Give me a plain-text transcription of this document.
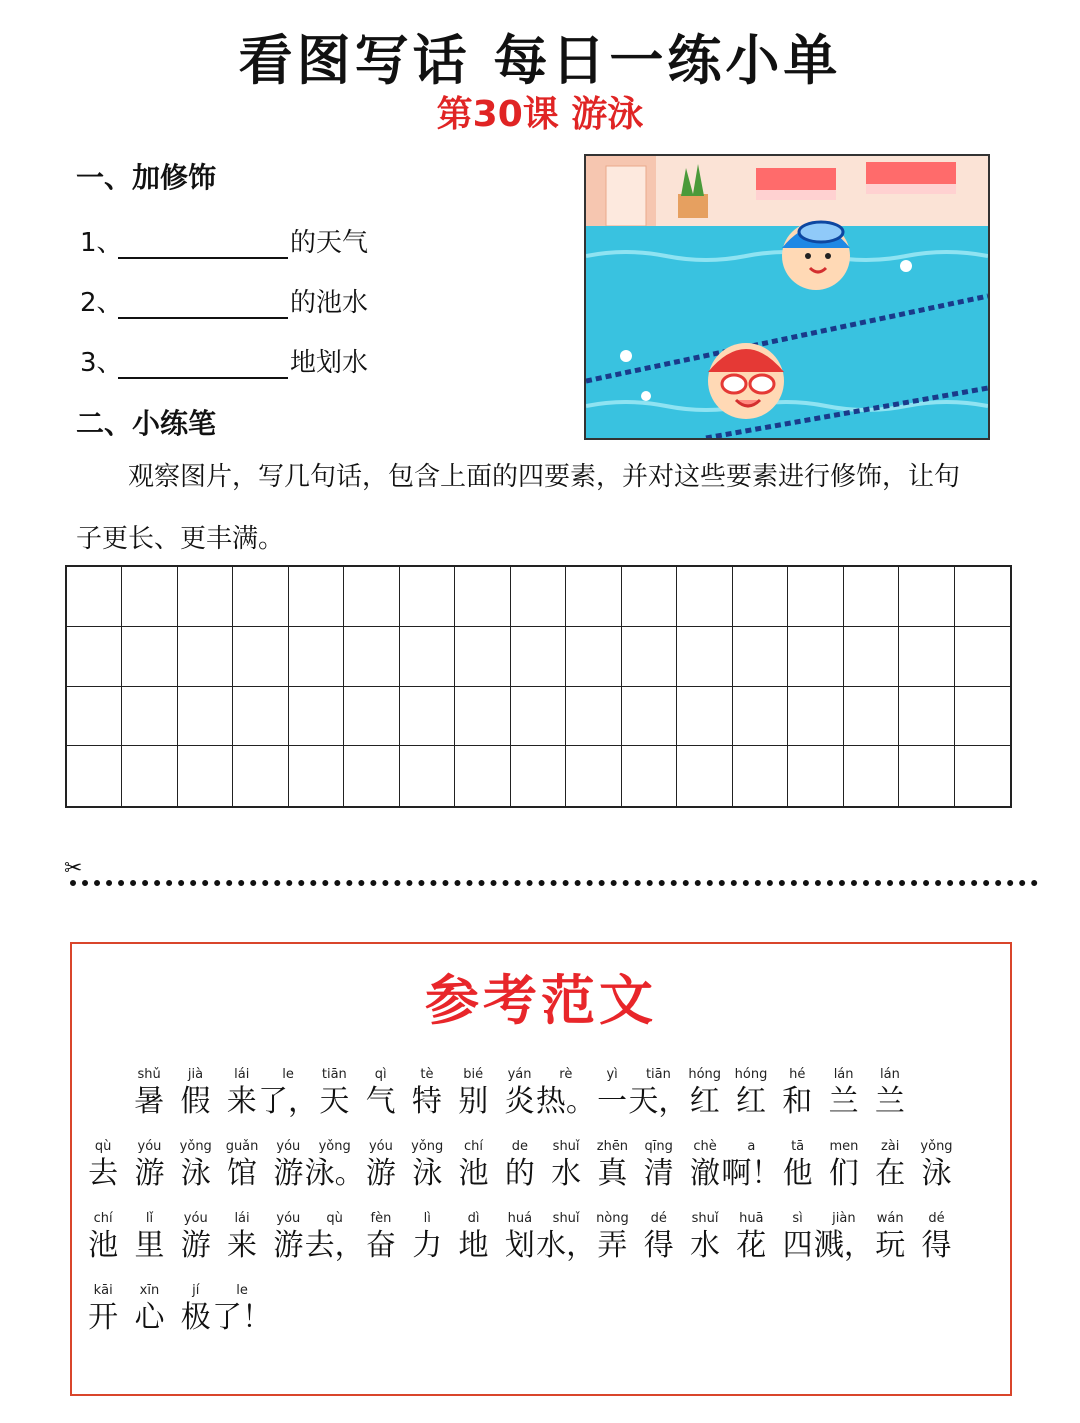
看图写话 每日一练小单
第30课 游泳
一、加修饰
1、	的天气
2、	的池水
3、	地划水
二、小练笔
观察图片，写几句话，包含上面的四要素，并对这些要素进行修饰，让句
子更长、更丰满。
✂
参考范文
shǔ
暑
jià
假
lái
来
le
了，
tiān
天
qì
气
tè
特
bié
别
yán
炎
rè
热。
yì
一
tiān
天，
hóng
红
hóng
红
hé
和
lán
兰
lán
兰
qù
去
yóu
游
yǒng
泳
guǎn
馆
yóu
游
yǒng
泳。
yóu
游
yǒng
泳
chí
池
de
的
shuǐ
水
zhēn
真
qīng
清
chè
澈
a
啊！
tā
他
men
们
zài
在
yǒng
泳
chí
池
lǐ
里
yóu
游
lái
来
yóu
游
qù
去，
fèn
奋
lì
力
dì
地
huá
划
shuǐ
水，
nòng
弄
dé
得
shuǐ
水
huā
花
sì
四
jiàn
溅，
wán
玩
dé
得
kāi
开
xīn
心
jí
极
le
了！
